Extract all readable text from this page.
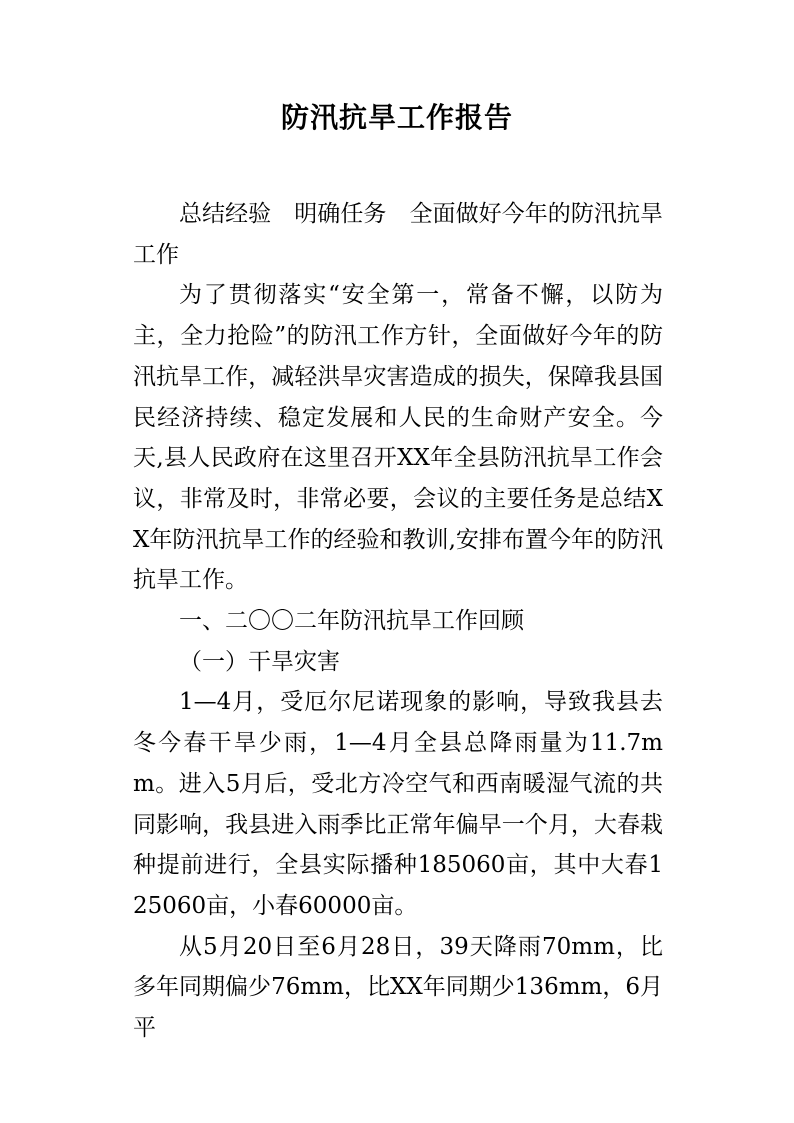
防汛抗旱工作报告

总结经验　明确任务　全面做好今年的防汛抗旱工作

为了贯彻落实“安全第一，常备不懈，以防为主，全力抢险”的防汛工作方针，全面做好今年的防汛抗旱工作，减轻洪旱灾害造成的损失，保障我县国民经济持续、稳定发展和人民的生命财产安全。今天,县人民政府在这里召开XX年全县防汛抗旱工作会议，非常及时，非常必要，会议的主要任务是总结XX年防汛抗旱工作的经验和教训,安排布置今年的防汛抗旱工作。

一、二〇〇二年防汛抗旱工作回顾

（一）干旱灾害

1—4月，受厄尔尼诺现象的影响，导致我县去冬今春干旱少雨，1—4月全县总降雨量为11.7mm。进入5月后，受北方冷空气和西南暖湿气流的共同影响，我县进入雨季比正常年偏早一个月，大春栽种提前进行，全县实际播种185060亩，其中大春125060亩，小春60000亩。

从5月20日至6月28日，39天降雨70mm，比多年同期偏少76mm，比XX年同期少136mm，6月平
